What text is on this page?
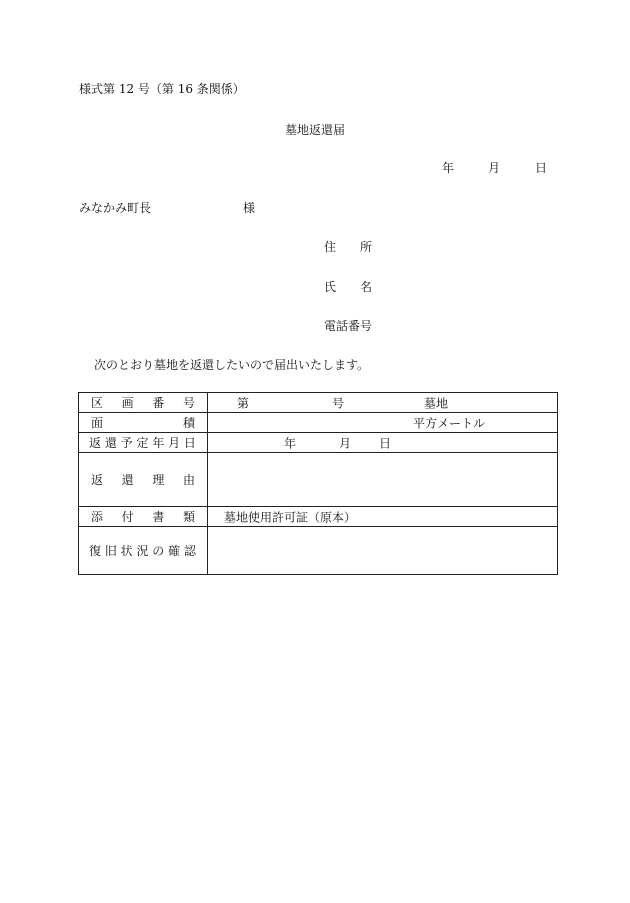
様式第 12 号（第 16 条関係）
墓地返還届
年	月	日
みなかみ町長	様
住　　所
氏　　名
電話番号
次のとおり墓地を返還したいので届出いたします。
区 画 番 号	第 号 墓地

面 積	平方メートル

返 還 予 定 年 月 日	年 月 日

返 還 理 由	

添 付 書 類	墓地使用許可証（原本）

復 旧 状 況 の 確 認	
